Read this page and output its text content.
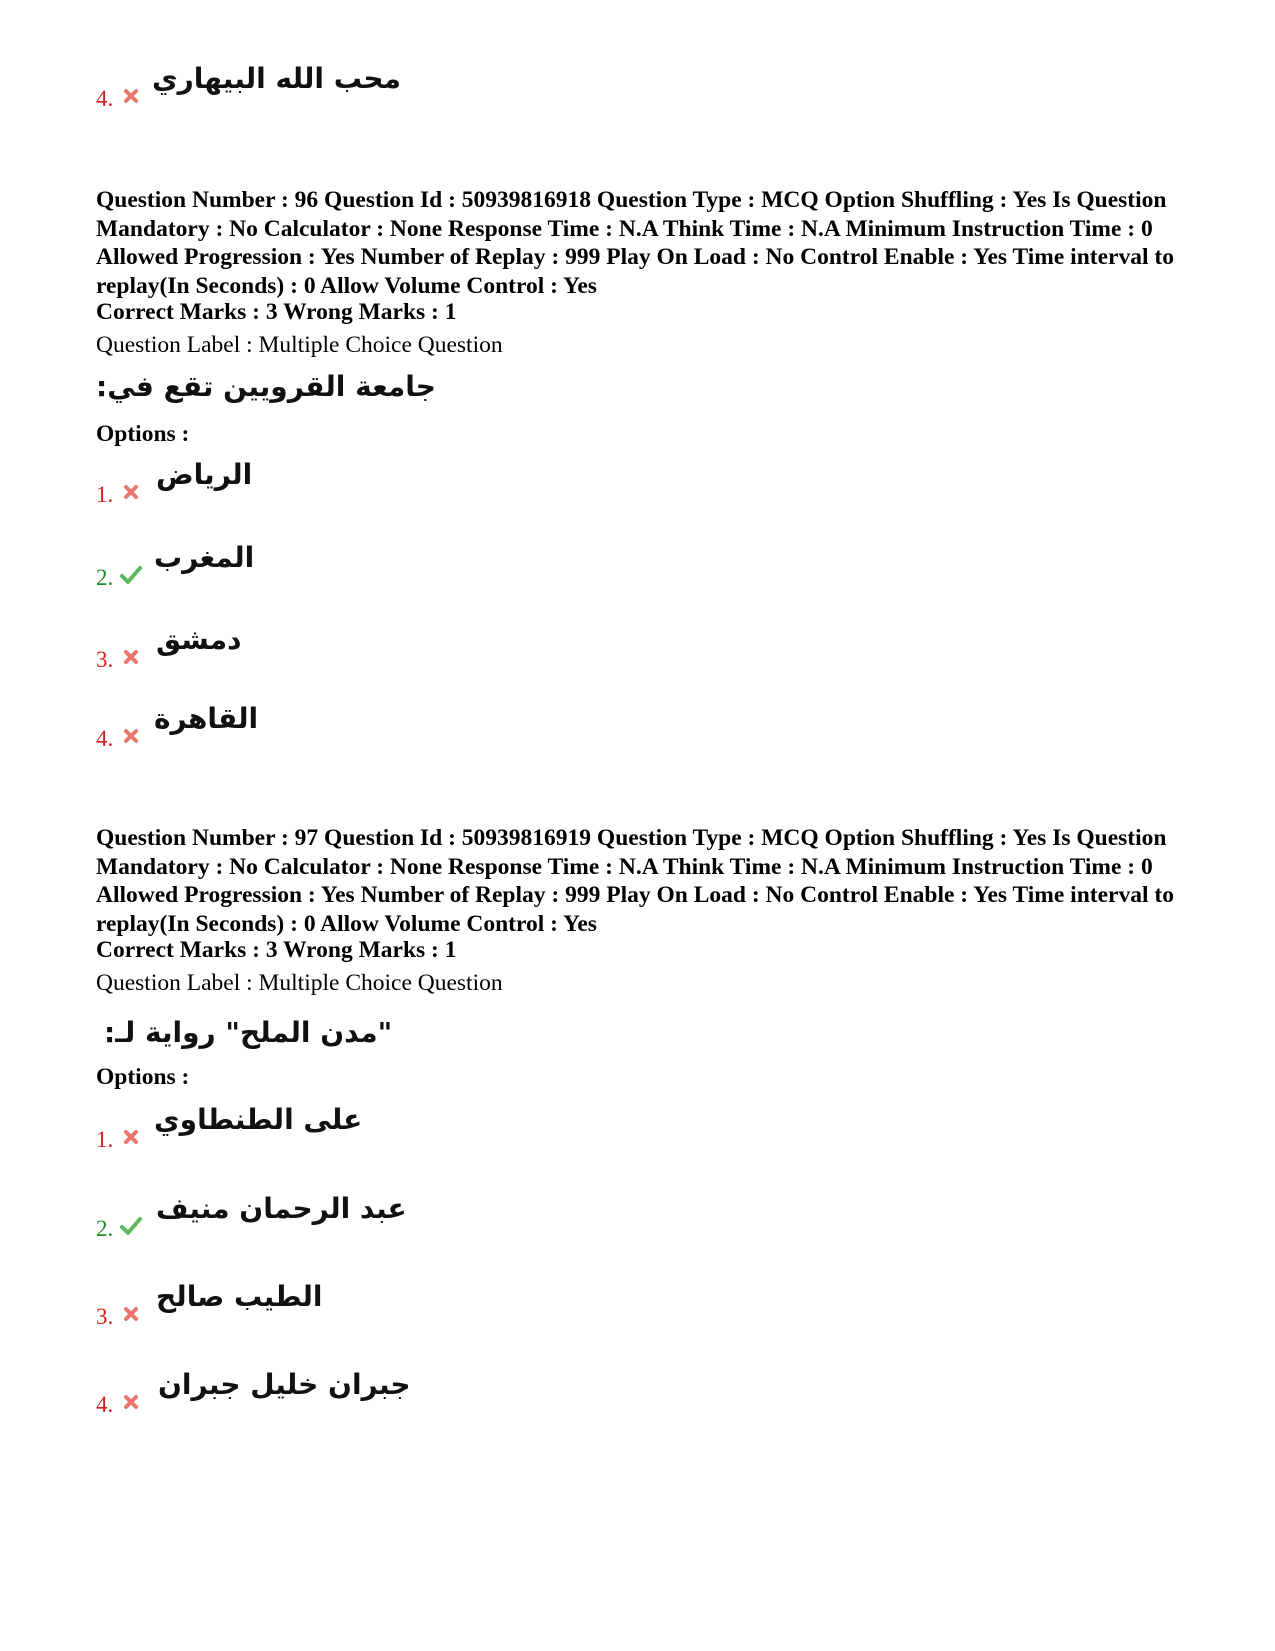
4.
محب الله البيهاري
Question Number : 96 Question Id : 50939816918 Question Type : MCQ Option Shuffling : Yes Is Question Mandatory : No Calculator : None Response Time : N.A Think Time : N.A Minimum Instruction Time : 0 Allowed Progression : Yes Number of Replay : 999 Play On Load : No Control Enable : Yes Time interval to replay(In Seconds) : 0 Allow Volume Control : Yes
Correct Marks : 3 Wrong Marks : 1
Question Label : Multiple Choice Question
جامعة القرويين تقع في:
Options :
1.
الرياض
2.
المغرب
3.
دمشق
4.
القاهرة
Question Number : 97 Question Id : 50939816919 Question Type : MCQ Option Shuffling : Yes Is Question Mandatory : No Calculator : None Response Time : N.A Think Time : N.A Minimum Instruction Time : 0 Allowed Progression : Yes Number of Replay : 999 Play On Load : No Control Enable : Yes Time interval to replay(In Seconds) : 0 Allow Volume Control : Yes
Correct Marks : 3 Wrong Marks : 1
Question Label : Multiple Choice Question
"مدن الملح" رواية لـ:
Options :
1.
على الطنطاوي
2.
عبد الرحمان منيف
3.
الطيب صالح
4.
جبران خليل جبران
